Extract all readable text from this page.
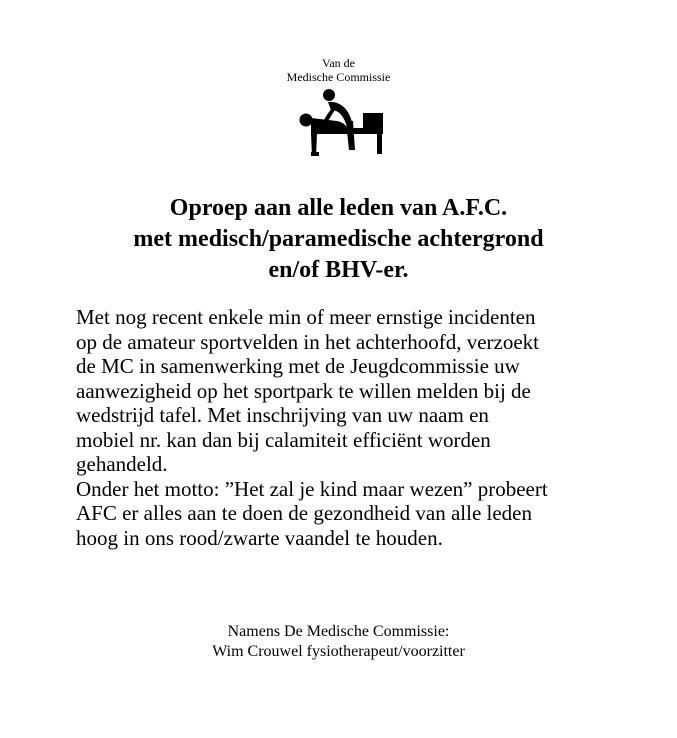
Van de
Medische Commissie
Oproep aan alle leden van A.F.C.
met medisch/paramedische achtergrond
en/of BHV-er.
Met nog recent enkele min of meer ernstige incidenten
op de amateur sportvelden in het achterhoofd, verzoekt
de MC in samenwerking met de Jeugdcommissie uw
aanwezigheid op het sportpark te willen melden bij de
wedstrijd tafel. Met inschrijving van uw naam en
mobiel nr. kan dan bij calamiteit efficiënt worden
gehandeld.
Onder het motto: ”Het zal je kind maar wezen” probeert
AFC er alles aan te doen de gezondheid van alle leden
hoog in ons rood/zwarte vaandel te houden.
Namens De Medische Commissie:
Wim Crouwel fysiotherapeut/voorzitter
